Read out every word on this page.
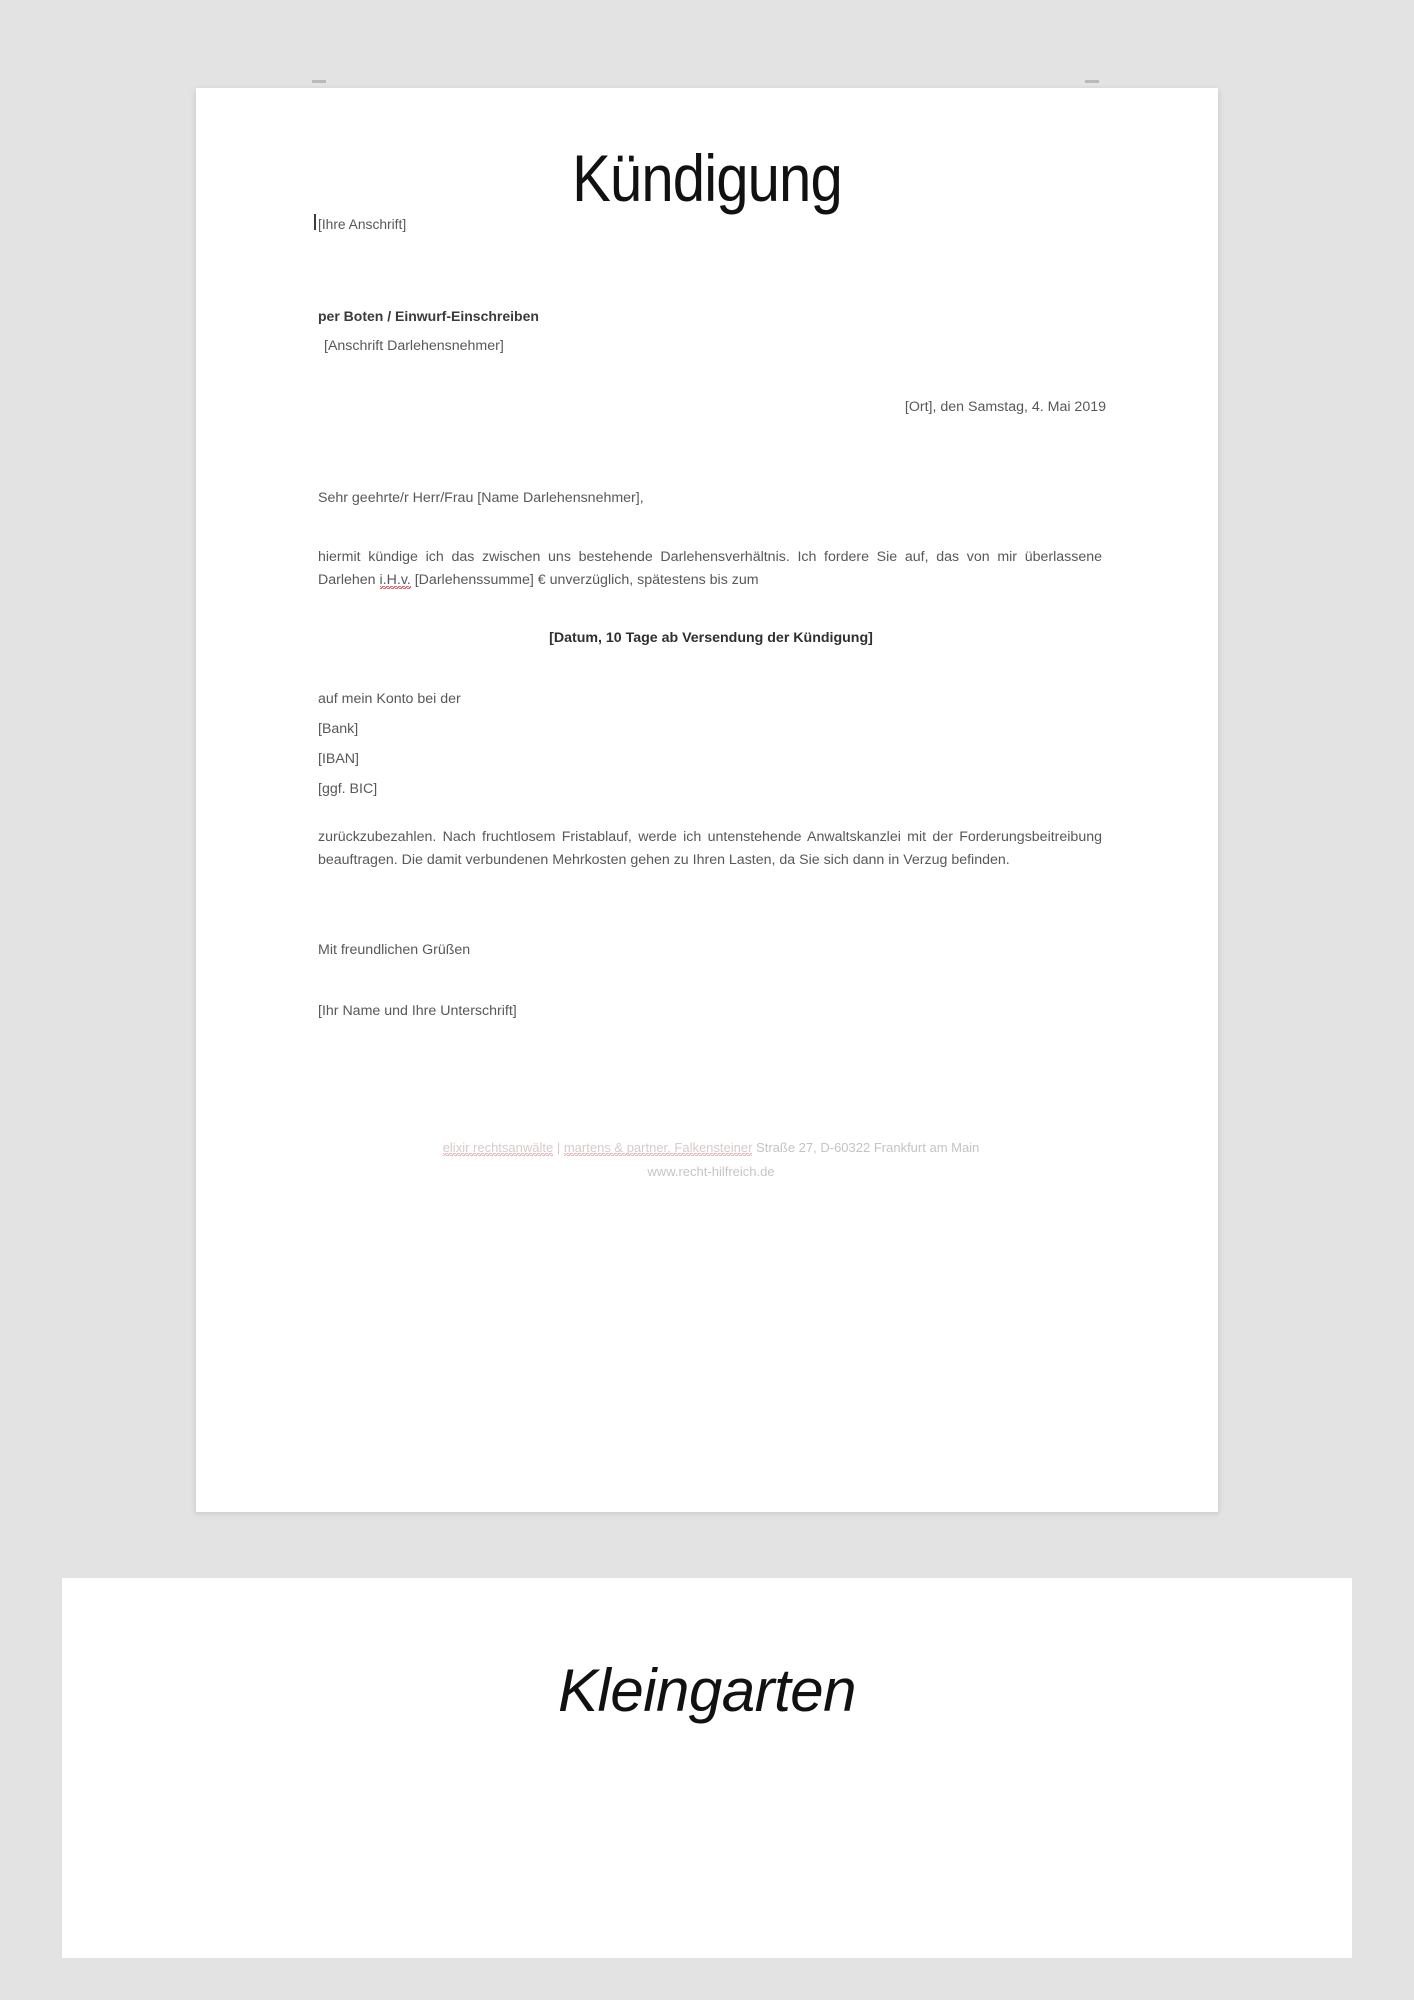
Kündigung
[Ihre Anschrift]
per Boten / Einwurf-Einschreiben
[Anschrift Darlehensnehmer]
[Ort], den Samstag, 4. Mai 2019
Sehr geehrte/r Herr/Frau [Name Darlehensnehmer],
hiermit kündige ich das zwischen uns bestehende Darlehensverhältnis. Ich fordere Sie auf, das von mir überlassene Darlehen i.H.v. [Darlehenssumme] € unverzüglich, spätestens bis zum
[Datum, 10 Tage ab Versendung der Kündigung]
auf mein Konto bei der
[Bank]
[IBAN]
[ggf. BIC]
zurückzubezahlen. Nach fruchtlosem Fristablauf, werde ich untenstehende Anwaltskanzlei mit der Forderungsbeitreibung beauftragen. Die damit verbundenen Mehrkosten gehen zu Ihren Lasten, da Sie sich dann in Verzug befinden.
Mit freundlichen Grüßen
[Ihr Name und Ihre Unterschrift]
elixir rechtsanwälte | martens & partner, Falkensteiner Straße 27, D-60322 Frankfurt am Main
www.recht-hilfreich.de
Kleingarten
